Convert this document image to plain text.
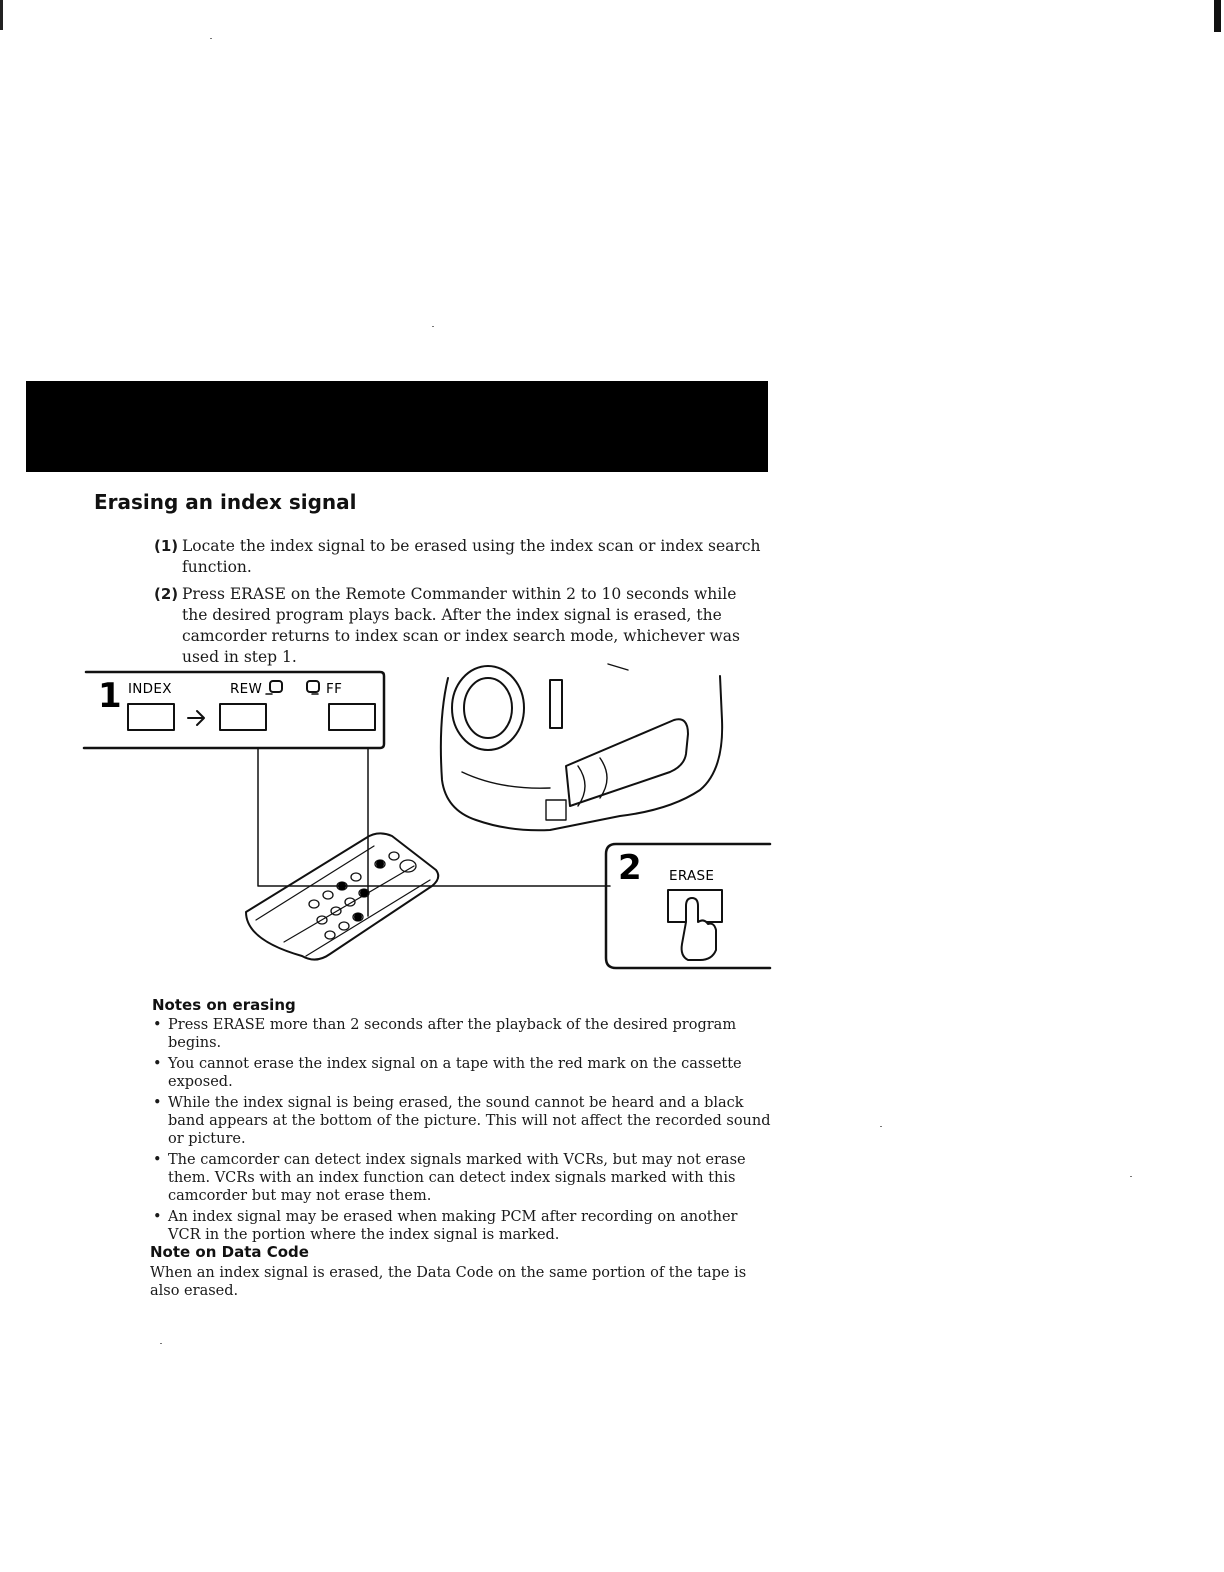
Erasing an index signal
(1) Locate the index signal to be erased using the index scan or index search function.
(2) Press ERASE on the Remote Commander within 2 to 10 seconds while the desired program plays back. After the index signal is erased, the camcorder returns to index scan or index search mode, whichever was used in step 1.
1 INDEX	REW	FF
2 ERASE
Notes on erasing
• Press ERASE more than 2 seconds after the playback of the desired program begins.
• You cannot erase the index signal on a tape with the red mark on the cassette exposed.
• While the index signal is being erased, the sound cannot be heard and a black band appears at the bottom of the picture. This will not affect the recorded sound or picture.
• The camcorder can detect index signals marked with VCRs, but may not erase them. VCRs with an index function can detect index signals marked with this camcorder but may not erase them.
• An index signal may be erased when making PCM after recording on another VCR in the portion where the index signal is marked.
Note on Data Code
When an index signal is erased, the Data Code on the same portion of the tape is also erased.
